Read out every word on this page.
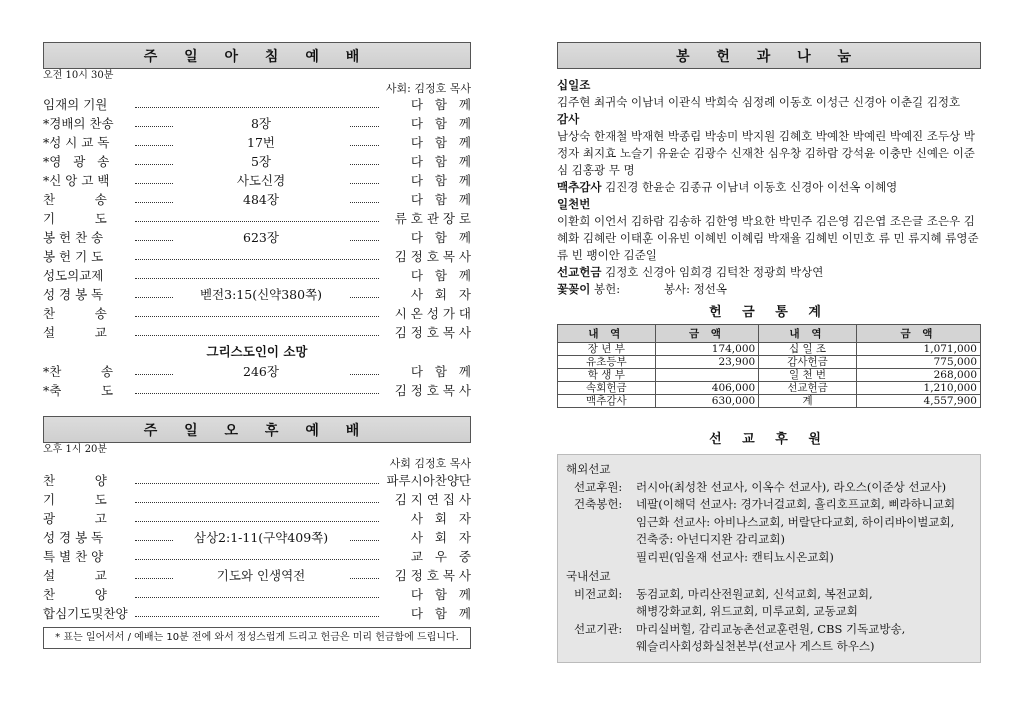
주 일 아 침 예 배
오전 10시 30분
사회: 김정호 목사
임재의 기원	다   함   께
*경배의 찬송	8장	다   함   께
*성 시 교 독	17번	다   함   께
*영   광   송	5장	다   함   께
*신 앙 고 백	사도신경	다   함   께
찬          송	484장	다   함   께
기          도	류 호 관 장 로
봉 헌 찬 송	623장	다   함   께
봉 헌 기 도	김 정 호 목 사
성도의교제	다   함   께
성 경 봉 독	벧전3:15(신약380쪽)	사   회   자
찬          송	시 온 성 가 대
설          교	김 정 호 목 사
그리스도인이 소망
*찬          송	246장	다   함   께
*축          도	김 정 호 목 사
주 일 오 후 예 배
오후 1시 20분
사회 김정호 목사
찬          양	파루시아찬양단
기          도	김 지 연 집 사
광          고	사   회   자
성 경 봉 독	삼상2:1-11(구약409쪽)	사   회   자
특 별 찬 양	교   우   중
설          교	기도와 인생역전	김 정 호 목 사
찬          양	다   함   께
합심기도및찬양	다   함   께
* 표는 일어서서 / 예배는 10분 전에 와서 정성스럽게 드리고 헌금은 미리 헌금함에 드립니다.
봉 헌 과 나 눔
십일조
김주현 최귀숙 이남녀 이관식 박희숙 심정례 이동호 이성근 신경아 이춘길 김정호
감사
남상숙 한재철 박재현 박종림 박송미 박지원 김혜호 박예찬 박예린 박예진 조두상 박정자 최지효 노슬기 유윤순 김광수 신재찬 심우창 김하람 강석윤 이충만 신예은 이준심 김홍광 무 명
맥추감사 김진경 한윤순 김종규 이남녀 이동호 신경아 이선옥 이혜영
일천번
이환희 이언서 김하람 김송하 김한영 박요한 박민주 김은영 김은엽 조은글 조은우 김혜화 김혜란 이태훈 이유빈 이혜빈 이혜림 박재율 김혜빈 이민호 류 민 류지혜 류영준 류 빈 팽이안 김준일
선교헌금 김정호 신경아 임희경 김턱찬 정광희 박상연
꽃꽂이 봉헌:            봉사: 정선옥
헌 금 통 계
내 역	금 액	내 역	금 액
장 년 부	174,000	십 일 조	1,071,000
유초등부	23,900	감사헌금	775,000
학 생 부		일 천 번	268,000
속회헌금	406,000	선교헌금	1,210,000
맥추감사	630,000	계	4,557,900
선 교 후 원
해외선교
선교후원:	러시아(최성찬 선교사, 이옥수 선교사), 라오스(이준상 선교사)
건축봉헌:	네팔(이해덕 선교사: 경가너걸교회, 흘리호프교회, 삐라하니교회
임근화 선교사: 아비나스교회, 버랄단다교회, 하이리바이벌교회,
건축중: 아넌디지완 감리교회)
필리핀(임올재 선교사: 캔티뇨시온교회)
국내선교
비전교회:	동검교회, 마리산전원교회, 신석교회, 복전교회,
해병강화교회, 위드교회, 미루교회, 교동교회
선교기관:	마리실버힐, 감리교농촌선교훈련원, CBS 기독교방송,
웨슬리사회성화실천본부(선교사 게스트 하우스)
